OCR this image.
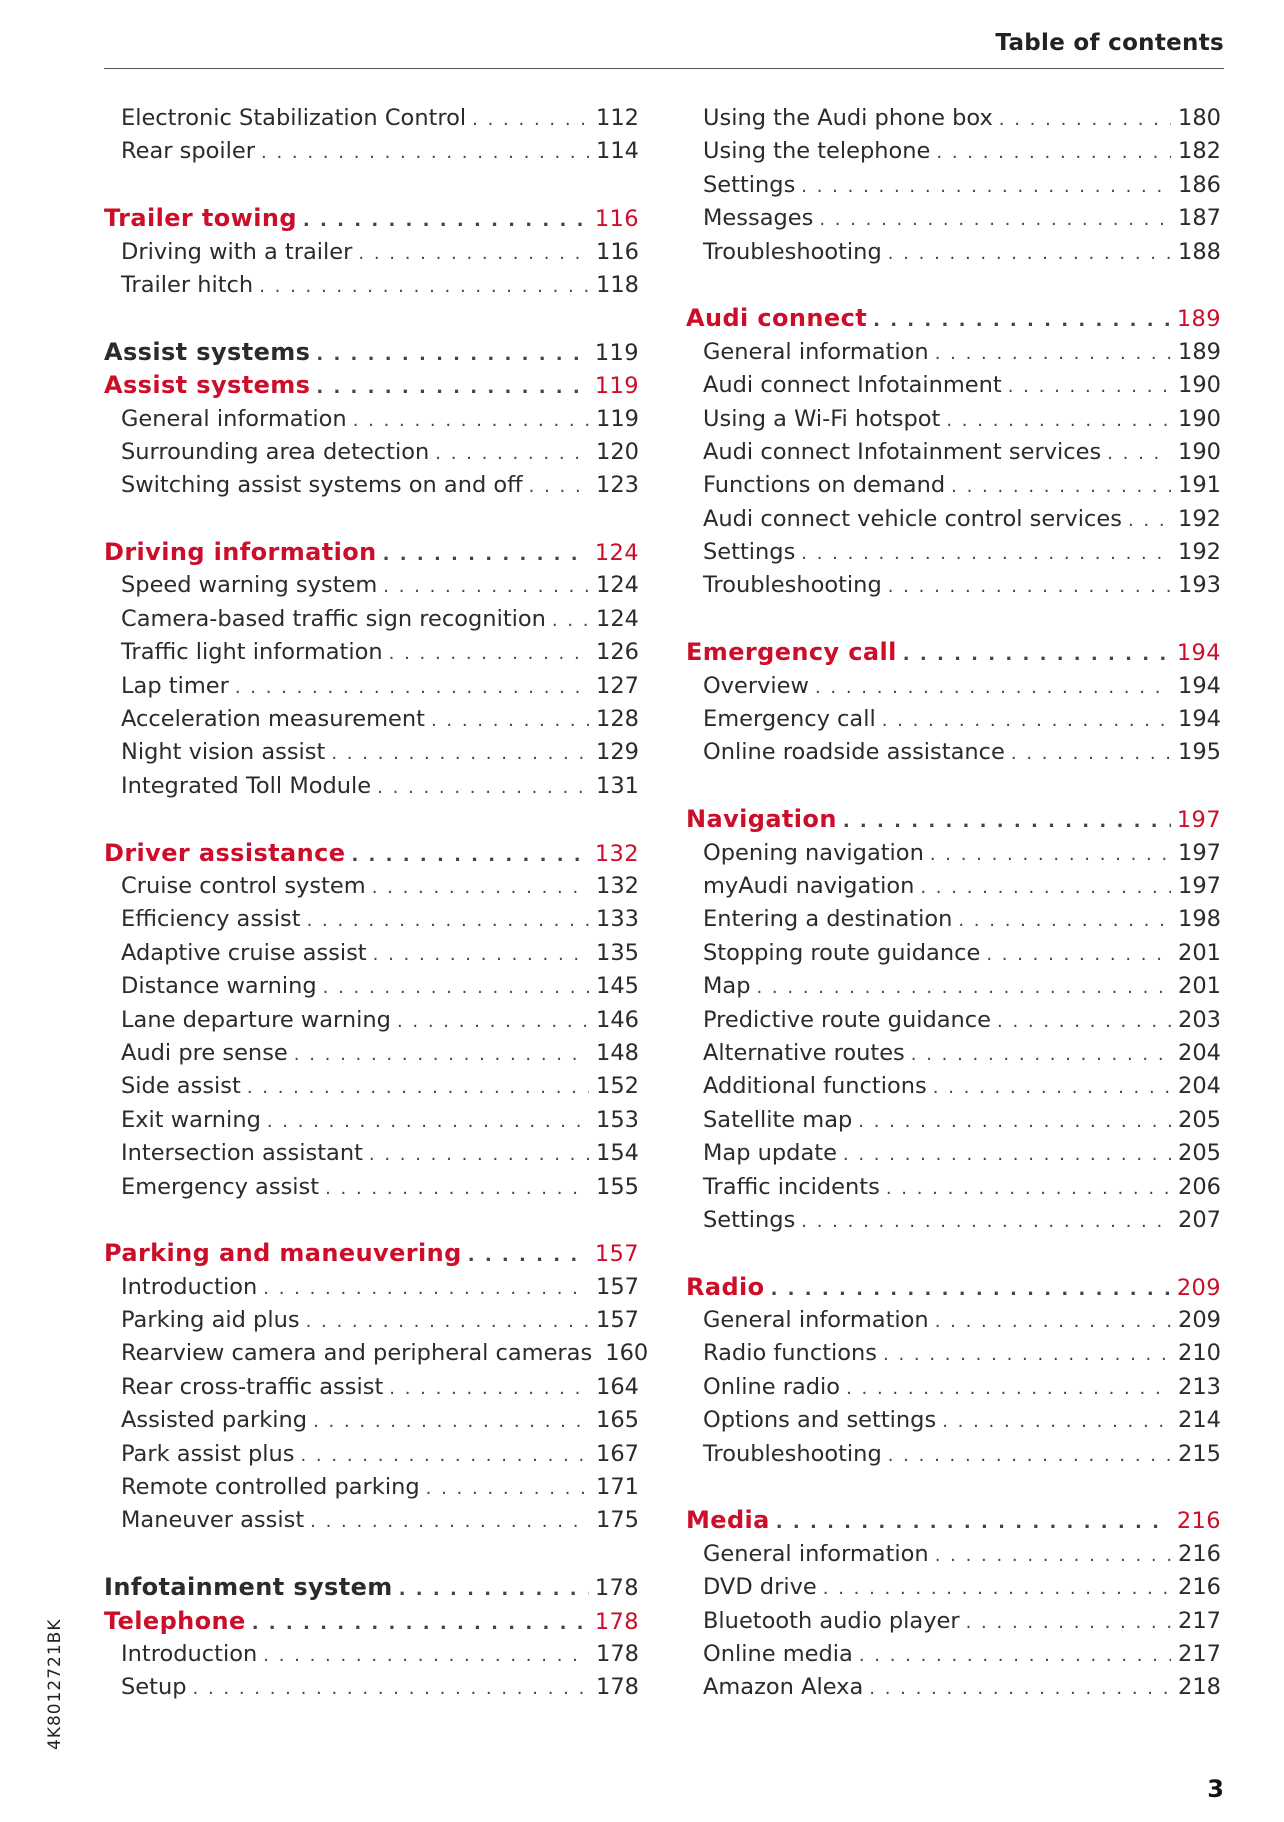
Table of contents
Electronic Stabilization Control . . .	112
Rear spoiler . . .	114
Trailer towing . . .	116
Driving with a trailer . . .	116
Trailer hitch . . .	118
Assist systems . . .	119
Assist systems . . .	119
General information . . .	119
Surrounding area detection . . .	120
Switching assist systems on and off . . .	123
Driving information . . .	124
Speed warning system . . .	124
Camera-based traffic sign recognition . . . 124
Traffic light information . . .	126
Lap timer . . .	127
Acceleration measurement . . .	128
Night vision assist . . .	129
Integrated Toll Module . . .	131
Driver assistance . . .	132
Cruise control system . . .	132
Efficiency assist . . .	133
Adaptive cruise assist . . .	135
Distance warning . . .	145
Lane departure warning . . .	146
Audi pre sense . . .	148
Side assist . . .	152
Exit warning . . .	153
Intersection assistant . . .	154
Emergency assist . . .	155
Parking and maneuvering . . .	157
Introduction . . .	157
Parking aid plus . . .	157
Rearview camera and peripheral cameras 160
Rear cross-traffic assist . . .	164
Assisted parking . . .	165
Park assist plus . . .	167
Remote controlled parking . . .	171
Maneuver assist . . .	175
Infotainment system . . .	178
Telephone . . .	178
Introduction . . .	178
Setup . . .	178
Using the Audi phone box . . .	180
Using the telephone . . .	182
Settings . . .	186
Messages . . .	187
Troubleshooting . . .	188
Audi connect . . .	189
General information . . .	189
Audi connect Infotainment . . .	190
Using a Wi-Fi hotspot . . .	190
Audi connect Infotainment services . . .	190
Functions on demand . . .	191
Audi connect vehicle control services . . . 192
Settings . . .	192
Troubleshooting . . .	193
Emergency call . . .	194
Overview . . .	194
Emergency call . . .	194
Online roadside assistance . . .	195
Navigation . . .	197
Opening navigation . . .	197
myAudi navigation . . .	197
Entering a destination . . .	198
Stopping route guidance . . .	201
Map . . .	201
Predictive route guidance . . .	203
Alternative routes . . .	204
Additional functions . . .	204
Satellite map . . .	205
Map update . . .	205
Traffic incidents . . .	206
Settings . . .	207
Radio . . .	209
General information . . .	209
Radio functions . . .	210
Online radio . . .	213
Options and settings . . .	214
Troubleshooting . . .	215
Media . . .	216
General information . . .	216
DVD drive . . .	216
Bluetooth audio player . . .	217
Online media . . .	217
Amazon Alexa . . .	218
4K8012721BK
3
